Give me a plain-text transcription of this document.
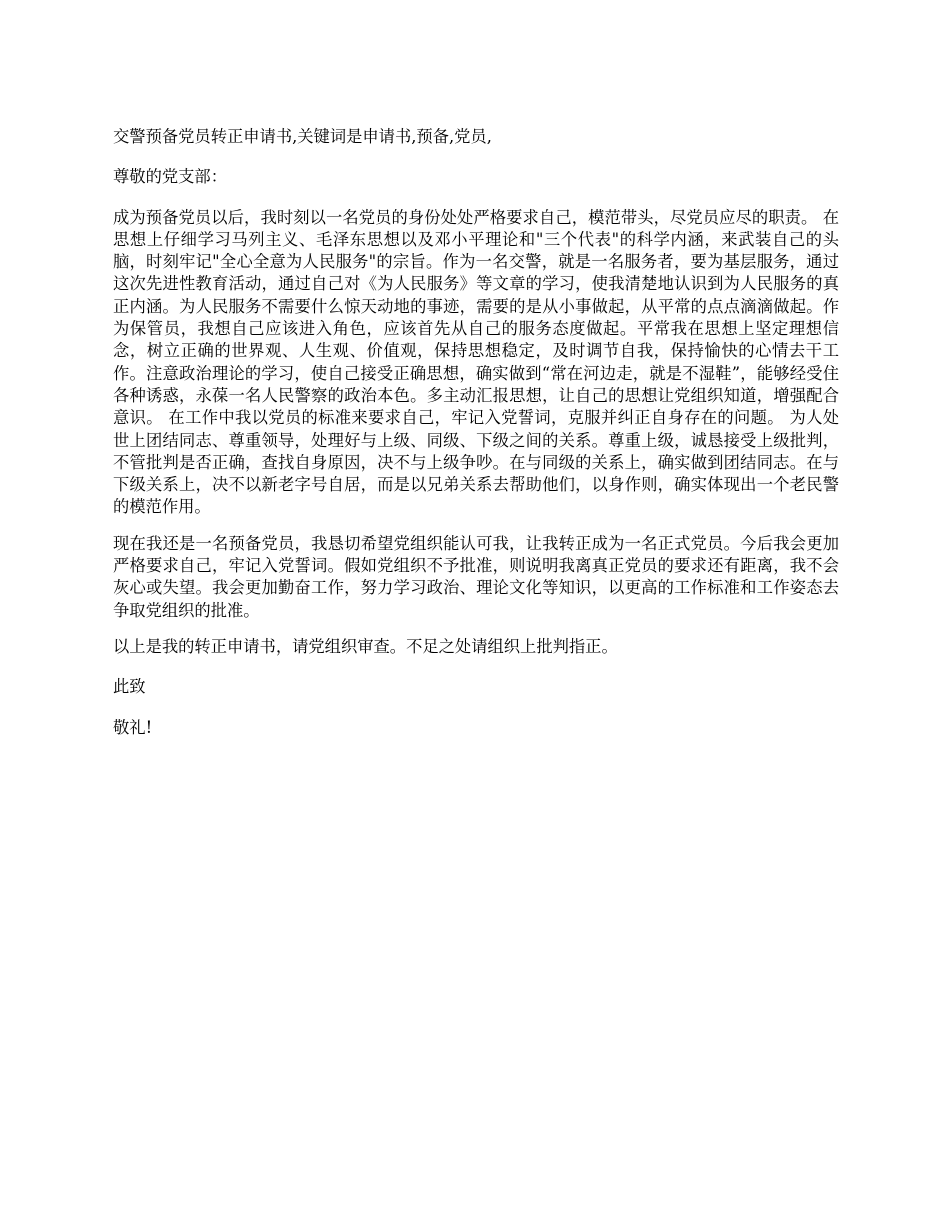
交警预备党员转正申请书,关键词是申请书,预备,党员,

尊敬的党支部：

成为预备党员以后，我时刻以一名党员的身份处处严格要求自己，模范带头，尽党员应尽的职责。 在思想上仔细学习马列主义、毛泽东思想以及邓小平理论和"三个代表"的科学内涵，来武装自己的头脑，时刻牢记"全心全意为人民服务"的宗旨。作为一名交警，就是一名服务者，要为基层服务，通过这次先进性教育活动，通过自己对《为人民服务》等文章的学习，使我清楚地认识到为人民服务的真正内涵。为人民服务不需要什么惊天动地的事迹，需要的是从小事做起，从平常的点点滴滴做起。作为保管员，我想自己应该进入角色，应该首先从自己的服务态度做起。平常我在思想上坚定理想信念，树立正确的世界观、人生观、价值观，保持思想稳定，及时调节自我，保持愉快的心情去干工作。注意政治理论的学习，使自己接受正确思想，确实做到“常在河边走，就是不湿鞋”，能够经受住各种诱惑，永葆一名人民警察的政治本色。多主动汇报思想，让自己的思想让党组织知道，增强配合意识。 在工作中我以党员的标准来要求自己，牢记入党誓词，克服并纠正自身存在的问题。 为人处世上团结同志、尊重领导，处理好与上级、同级、下级之间的关系。尊重上级，诚恳接受上级批判，不管批判是否正确，查找自身原因，决不与上级争吵。在与同级的关系上，确实做到团结同志。在与下级关系上，决不以新老字号自居，而是以兄弟关系去帮助他们，以身作则，确实体现出一个老民警的模范作用。

现在我还是一名预备党员，我恳切希望党组织能认可我，让我转正成为一名正式党员。今后我会更加严格要求自己，牢记入党誓词。假如党组织不予批准，则说明我离真正党员的要求还有距离，我不会灰心或失望。我会更加勤奋工作，努力学习政治、理论文化等知识，以更高的工作标准和工作姿态去争取党组织的批准。

以上是我的转正申请书，请党组织审查。不足之处请组织上批判指正。

此致

敬礼!
